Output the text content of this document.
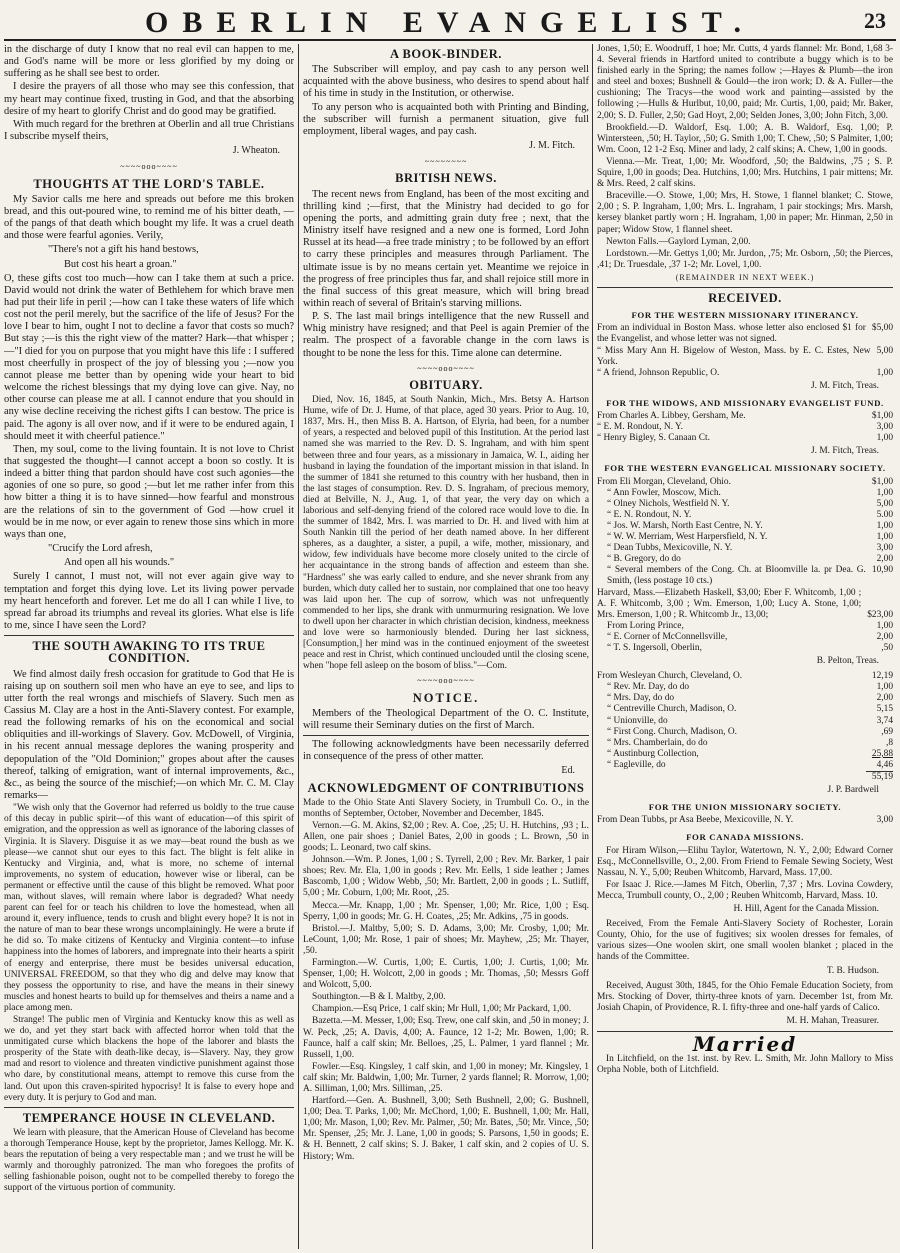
OBERLIN EVANGELIST.	23

in the discharge of duty I know that no real evil can happen to me, and God's name will be more or less glorified by my doing or suffering as he shall see best to order.

I desire the prayers of all those who may see this confession, that my heart may continue fixed, trusting in God, and that the absorbing desire of my heart to glorify Christ and do good may be gratified.

With much regard for the brethren at Oberlin and all true Christians I subscribe myself theirs,

J. Wheaton.
~~~~ooo~~~~
THOUGHTS AT THE LORD'S TABLE.

My Savior calls me here and spreads out before me this broken bread, and this out-poured wine, to remind me of his bitter death, —of the pangs of that death which bought my life. It was a cruel death and those were fearful agonies. Verily,

"There's not a gift his hand bestows,
But cost his heart a groan."

O, these gifts cost too much—how can I take them at such a price. David would not drink the water of Bethlehem for which brave men had put their life in peril ;—how can I take these waters of life which cost not the peril merely, but the sacrifice of the life of Jesus? For the love I bear to him, ought I not to decline a favor that costs so much? But stay ;—is this the right view of the matter? Hark—that whisper ;—"I died for you on purpose that you might have this life : I suffered most cheerfully in prospect of the joy of blessing you ;—now you cannot please me better than by opening wide your heart to bid welcome the richest blessings that my dying love can give. Nay, no other course can please me at all. I cannot endure that you should in any wise decline receiving the richest gifts I can bestow. The price is paid. The agony is all over now, and if it were to be endured again, I should meet it with cheerful patience."

Then, my soul, come to the living fountain. It is not love to Christ that suggested the thought—I cannot accept a boon so costly. It is indeed a bitter thing that pardon should have cost such agonies—the agonies of one so pure, so good ;—but let me rather infer from this how bitter a thing it is to have sinned—how fearful and monstrous are the relations of sin to the government of God —how cruel it would be in me now, or ever again to renew those sins which in more ways than one,

"Crucify the Lord afresh,
And open all his wounds."

Surely I cannot, I must not, will not ever again give way to temptation and forget this dying love. Let its living power pervade my heart henceforth and forever. Let me do all I can while I live, to spread far abroad its triumphs and reveal its glories. What else is life to me, since I have seen the Lord?

THE SOUTH AWAKING TO ITS TRUE CONDITION.

We find almost daily fresh occasion for gratitude to God that He is raising up on southern soil men who have an eye to see, and lips to utter forth the real wrongs and mischiefs of Slavery. Such men as Cassius M. Clay are a host in the Anti-Slavery contest. For example, read the following remarks of his on the economical and social obliquities and ill-workings of Slavery. Gov. McDowell, of Virginia, in his recent annual message deplores the waning prosperity and depopulation of the "Old Dominion;" gropes about after the causes thereof, talking of emigration, want of internal improvements, &c., &c., as being the source of the mischief;—on which Mr. C. M. Clay remarks—

"We wish only that the Governor had referred us boldly to the true cause of this decay in public spirit—of this want of education—of this spirit of emigration, and the oppression as well as ignorance of the laboring classes of Virginia. It is Slavery. Disguise it as we may—beat round the bush as we please—we cannot shut our eyes to this fact. The blight is felt alike in Kentucky and Virginia, and, what is more, no scheme of internal improvements, no system of education, however wise or liberal, can be permanent or effective until the cause of this blight be removed. What poor man, without slaves, will remain where labor is degraded? What needy parent can feel for or teach his children to love the homestead, when all around it, every influence, tends to crush and blight every hope? It is not in the nature of man to bear these wrongs uncomplainingly. He were a brute if he did so. To make citizens of Kentucky and Virginia content—to infuse happiness into the homes of laborers, and impregnate into their hearts a spirit of energy and enterprise, there must be besides universal education, UNIVERSAL FREEDOM, so that they who dig and delve may know that they possess the opportunity to rise, and have the means in their sinewy muscles and honest hearts to build up for themselves and theirs a name and a place among men.

Strange! The public men of Virginia and Kentucky know this as well as we do, and yet they start back with affected horror when told that the unmitigated curse which blackens the hope of the laborer and blasts the prosperity of the State with death-like decay, is—Slavery. Nay, they grow mad and resort to violence and threaten vindictive punishment against those who dare, by constitutional means, attempt to remove this curse from the land. Out upon this craven-spirited hypocrisy! It is false to every hope and every duty. It is perjury to God and man.

TEMPERANCE HOUSE IN CLEVELAND.

We learn with pleasure, that the American House of Cleveland has become a thorough Temperance House, kept by the proprietor, James Kellogg. Mr. K. bears the reputation of being a very respectable man ; and we trust he will be warmly and thoroughly patronized. The man who foregoes the profits of selling fashionable poison, ought not to be compelled thereby to forego the support of the virtuous portion of community.

A BOOK-BINDER.

The Subscriber will employ, and pay cash to any person well acquainted with the above business, who desires to spend about half of his time in study in the Institution, or otherwise.

To any person who is acquainted both with Printing and Binding, the subscriber will furnish a permanent situation, give full employment, liberal wages, and pay cash.

J. M. Fitch.
~~~~~~~~
BRITISH NEWS.

The recent news from England, has been of the most exciting and thrilling kind ;—first, that the Ministry had decided to go for opening the ports, and admitting grain duty free ; next, that the Ministry itself have resigned and a new one is formed, Lord John Russel at its head—a free trade ministry ; to be followed by an effort to carry these principles and measures through Parliament. The ultimate issue is by no means certain yet. Meantime we rejoice in the progress of free principles thus far, and shall rejoice still more in the final success of this great measure, which will bring bread within reach of several of Britain's starving millions.

P. S. The last mail brings intelligence that the new Russell and Whig ministry have resigned; and that Peel is again Premier of the realm. The prospect of a favorable change in the corn laws is thought to be none the less for this. Time alone can determine.

~~~~ooo~~~~
OBITUARY.

Died, Nov. 16, 1845, at South Nankin, Mich., Mrs. Betsy A. Hartson Hume, wife of Dr. J. Hume, of that place, aged 30 years. Prior to Aug. 10, 1837, Mrs. H., then Miss B. A. Hartson, of Elyria, had been, for a number of years, a respected and beloved pupil of this Institution. At the period last named she was married to the Rev. D. S. Ingraham, and with him spent between three and four years, as a missionary in Jamaica, W. I., aiding her husband in laying the foundation of the important mission in that island. In the summer of 1841 she returned to this country with her husband, then in the last stages of consumption. Rev. D. S. Ingraham, of precious memory, died at Belville, N. J., Aug. 1, of that year, the very day on which a laborious and self-denying friend of the colored race would love to die. In the summer of 1842, Mrs. I. was married to Dr. H. and lived with him at South Nankin till the period of her death named above. In her different spheres, as a daughter, a sister, a pupil, a wife, mother, missionary, and widow, few individuals have become more closely united to the circle of her acquaintance in the strong bands of affection and esteem than she. "Hardness" she was early called to endure, and she never shrank from any burden, which duty called her to sustain, nor complained that one too heavy was laid upon her. The cup of sorrow, which was not unfrequently commended to her lips, she drank with unmurmuring resignation. We love to dwell upon her character in which christian decision, kindness, meekness and love were so harmoniously blended. During her last sickness, [Consumption,] her mind was in the continued enjoyment of the sweetest peace and rest in Christ, which continued unclouded until the closing scene, when "hope fell asleep on the bosom of bliss."—Com.

~~~~ooo~~~~
NOTICE.

Members of the Theological Department of the O. C. Institute, will resume their Seminary duties on the first of March.

The following acknowledgments have been necessarily deferred in consequence of the press of other matter.

Ed.
ACKNOWLEDGMENT OF CONTRIBUTIONS

Made to the Ohio State Anti Slavery Society, in Trumbull Co. O., in the months of September, October, November and December, 1845.

Vernon.—G. M. Akins, $2,00 ; Rev. A. Coe, ,25; U. H. Hutchins, ,93 ; L. Allen, one pair shoes ; Daniel Bates, 2,00 in goods ; L. Brown, ,50 in goods; L. Leonard, two calf skins.

Johnson.—Wm. P. Jones, 1,00 ; S. Tyrrell, 2,00 ; Rev. Mr. Barker, 1 pair shoes; Rev. Mr. Ela, 1,00 in goods ; Rev. Mr. Eells, 1 side leather ; James Bascomb, 1,00 ; Widow Webb, ,50; Mr. Bartlett, 2,00 in goods ; L. Sutliff, 5,00 ; Mr. Coburn, 1,00; Mr. Root, ,25.

Mecca.—Mr. Knapp, 1,00 ; Mr. Spenser, 1,00; Mr. Rice, 1,00 ; Esq. Sperry, 1,00 in goods; Mr. G. H. Coates, ,25; Mr. Adkins, ,75 in goods.

Bristol.—J. Maltby, 5,00; S. D. Adams, 3,00; Mr. Crosby, 1,00; Mr. LeCount, 1,00; Mr. Rose, 1 pair of shoes; Mr. Mayhew, ,25; Mr. Thayer, ,50.

Farmington.—W. Curtis, 1,00; E. Curtis, 1,00; J. Curtis, 1,00; Mr. Spenser, 1,00; H. Wolcott, 2,00 in goods ; Mr. Thomas, ,50; Messrs Goff and Wolcott, 5,00.

Southington.—B & I. Maltby, 2,00.

Champion.—Esq Price, 1 calf skin; Mr Hull, 1,00; Mr Packard, 1,00.

Bazetta.—M. Messer, 1,00; Esq. Trew, one calf skin, and ,50 in money; J. W. Peck, ,25; A. Davis, 4,00; A. Faunce, 12 1-2; Mr. Bowen, 1,00; R. Faunce, half a calf skin; Mr. Belloes, ,25, L. Palmer, 1 yard flannel ; Mr. Russell, 1,00.

Fowler.—Esq. Kingsley, 1 calf skin, and 1,00 in money; Mr. Kingsley, 1 calf skin; Mr. Baldwin, 1,00; Mr. Turner, 2 yards flannel; R. Morrow, 1,00; A. Silliman, 1,00; Mrs. Silliman, ,25.

Hartford.—Gen. A. Bushnell, 3,00; Seth Bushnell, 2,00; G. Bushnell, 1,00; Dea. T. Parks, 1,00; Mr. McChord, 1,00; E. Bushnell, 1,00; Mr. Hall, 1,00; Mr. Mason, 1,00; Rev. Mr. Palmer, ,50; Mr. Bates, ,50; Mr. Vince, ,50; Mr. Spenser, ,25; Mr. J. Lane, 1,00 in goods; S. Parsons, 1,50 in goods; E. & H. Bennett, 2 calf skins; S. J. Baker, 1 calf skin, and 2 copies of U. S. History; Wm.

Jones, 1,50; E. Woodruff, 1 hoe; Mr. Cutts, 4 yards flannel: Mr. Bond, 1,68 3-4. Several friends in Hartford united to contribute a buggy which is to be finished early in the Spring; the names follow ;—Hayes & Plumb—the iron and steel and boxes; Bushnell & Gould—the iron work; D. & A. Fuller—the cushioning; The Tracys—the wood work and painting—assisted by the following ;—Hulls & Hurlbut, 10,00, paid; Mr. Curtis, 1,00, paid; Mr. Baker, 2,00; S. D. Fuller, 2,50; Gad Hoyt, 2,00; Selden Jones, 3,00; John Fitch, 3,00.

Brookfield.—D. Waldorf, Esq. 1.00; A. B. Waldorf, Esq. 1,00; P. Wintersteen, ,50; H. Taylor, ,50; G. Smith 1,00; T. Chew, ,50; S Palmiter, 1,00; Wm. Coon, 12 1-2 Esq. Miner and lady, 2 calf skins; A. Chew, 1,00 in goods.

Vienna.—Mr. Treat, 1,00; Mr. Woodford, ,50; the Baldwins, ,75 ; S. P. Squire, 1,00 in goods; Dea. Hutchins, 1,00; Mrs. Hutchins, 1 pair mittens; Mr. & Mrs. Reed, 2 calf skins.

Braceville.—O. Stowe, 1,00; Mrs, H. Stowe, 1 flannel blanket; C. Stowe, 2,00 ; S. P. Ingraham, 1,00; Mrs. L. Ingraham, 1 pair stockings; Mrs. Marsh, kersey blanket partly worn ; H. Ingraham, 1,00 in paper; Mr. Hinman, 2,50 in paper; Widow Stow, 1 flannel sheet.

Newton Falls.—Gaylord Lyman, 2,00.

Lordstown.—Mr. Gettys 1,00; Mr. Jurdon, ,75; Mr. Osborn, ,50; the Pierces, ,41; Dr. Truesdale, ,37 1-2; Mr. Lovel, 1,00.

(REMAINDER IN NEXT WEEK.)
RECEIVED.
FOR THE WESTERN MISSIONARY ITINERANCY.
From an individual in Boston Mass. whose letter also enclosed $1 for the Evangelist, and whose letter was not signed.
$5,00
“ Miss Mary Ann H. Bigelow of Weston, Mass. by E. C. Estes, New York.
5,00
“ A friend, Johnson Republic, O.	1,00
J. M. Fitch, Treas.
FOR THE WIDOWS, AND MISSIONARY EVANGELIST FUND.
From Charles A. Libbey, Gersham, Me.	$1,00
“ E. M. Rondout, N. Y.	3,00
“ Henry Bigley, S. Canaan Ct.	1,00
J. M. Fitch, Treas.
FOR THE WESTERN EVANGELICAL MISSIONARY SOCIETY.
From Eli Morgan, Cleveland, Ohio.	$1,00
“ Ann Fowler, Moscow, Mich.	1,00
“ Olney Nichols, Westfield N. Y.	5,00
“ E. N. Rondout, N. Y.	5.00
“ Jos. W. Marsh, North East Centre, N. Y.	1,00
“ W. W. Merriam, West Harpersfield, N. Y.	1,00
“ Dean Tubbs, Mexicoville, N. Y.	3,00
“ B. Gregory, do do	2,00
“ Several members of the Cong. Ch. at Bloomville la. pr Dea. G. Smith, (less postage 10 cts.)
10,90
Harvard, Mass.—Elizabeth Haskell, $3,00; Eber F. Whitcomb, 1,00 ; A. F. Whitcomb, 3,00 ; Wm. Emerson, 1,00; Lucy A. Stone, 1,00; Mrs. Emerson, 1,00 ; R. Whitcomb Jr., 13,00;	$23,00
From Loring Prince,	1,00
“ E. Corner of McConnellsville,	2,00
“ T. S. Ingersoll, Oberlin,	,50
B. Pelton, Treas.
From Wesleyan Church, Cleveland, O.	12,19
“ Rev. Mr. Day, do do	1,00
“ Mrs. Day, do do	2,00
“ Centreville Church, Madison, O.	5,15
“ Unionville, do	3,74
“ First Cong. Church, Madison, O.	,69
“ Mrs. Chamberlain, do do	,8
“ Austinburg Collection,	25,88
“ Eagleville, do	4,46
55,19
J. P. Bardwell
FOR THE UNION MISSIONARY SOCIETY.
From Dean Tubbs, pr Asa Beebe, Mexicoville, N. Y.	3,00
FOR CANADA MISSIONS.

For Hiram Wilson,—Elihu Taylor, Watertown, N. Y., 2,00; Edward Corner Esq., McConnellsville, O., 2,00. From Friend to Female Sewing Society, West Nassau, N. Y., 5,00; Reuben Whitcomb, Harvard, Mass. 17,00.

For Isaac J. Rice.—James M Fitch, Oberlin, 7,37 ; Mrs. Lovina Cowdery, Mecca, Trumbull county, O., 2,00 ; Reuben Whitcomb, Harvard, Mass. 10.

H. Hill, Agent for the Canada Mission.

Received, From the Female Anti-Slavery Society of Rochester, Lorain County, Ohio, for the use of fugitives; six woolen dresses for females, of various sizes—One woolen skirt, one small woolen blanket ; placed in the hands of the Committee.

T. B. Hudson.

Received, August 30th, 1845, for the Ohio Female Education Society, from Mrs. Stocking of Dover, thirty-three knots of yarn. December 1st, from Mr. Josiah Chapin, of Providence, R. I. fifty-three and one-half yards of Calico.

M. H. Mahan, Treasurer.
Married

In Litchfield, on the 1st. inst. by Rev. L. Smith, Mr. John Mallory to Miss Orpha Noble, both of Litchfield.
